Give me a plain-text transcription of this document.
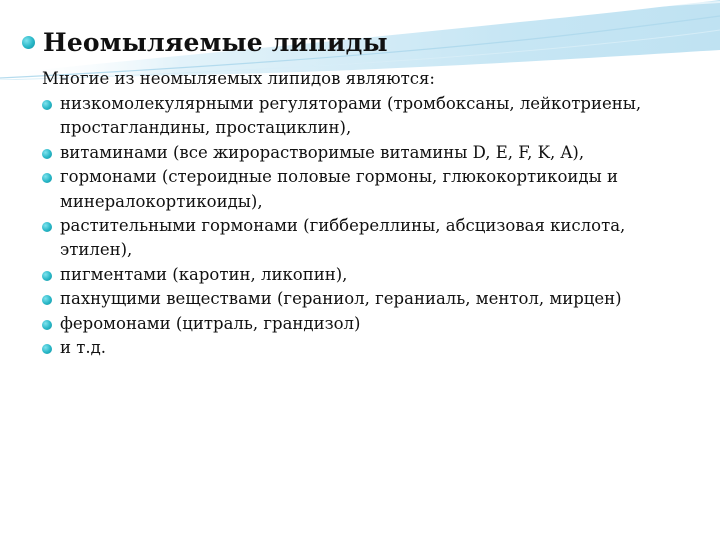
Неомыляемые липиды
Многие из неомыляемых липидов являются:
низкомолекулярными регуляторами (тромбоксаны, лейкотриены, простагландины, простациклин),
витаминами (все жирорастворимые витамины D, E, F, K, A),
гормонами (стероидные половые гормоны, глюкокортикоиды и минералокортикоиды),
растительными гормонами (гиббереллины, абсцизовая кислота, этилен),
пигментами (каротин, ликопин),
пахнущими веществами (гераниол, гераниаль, ментол, мирцен)
феромонами (цитраль, грандизол)
и т.д.
